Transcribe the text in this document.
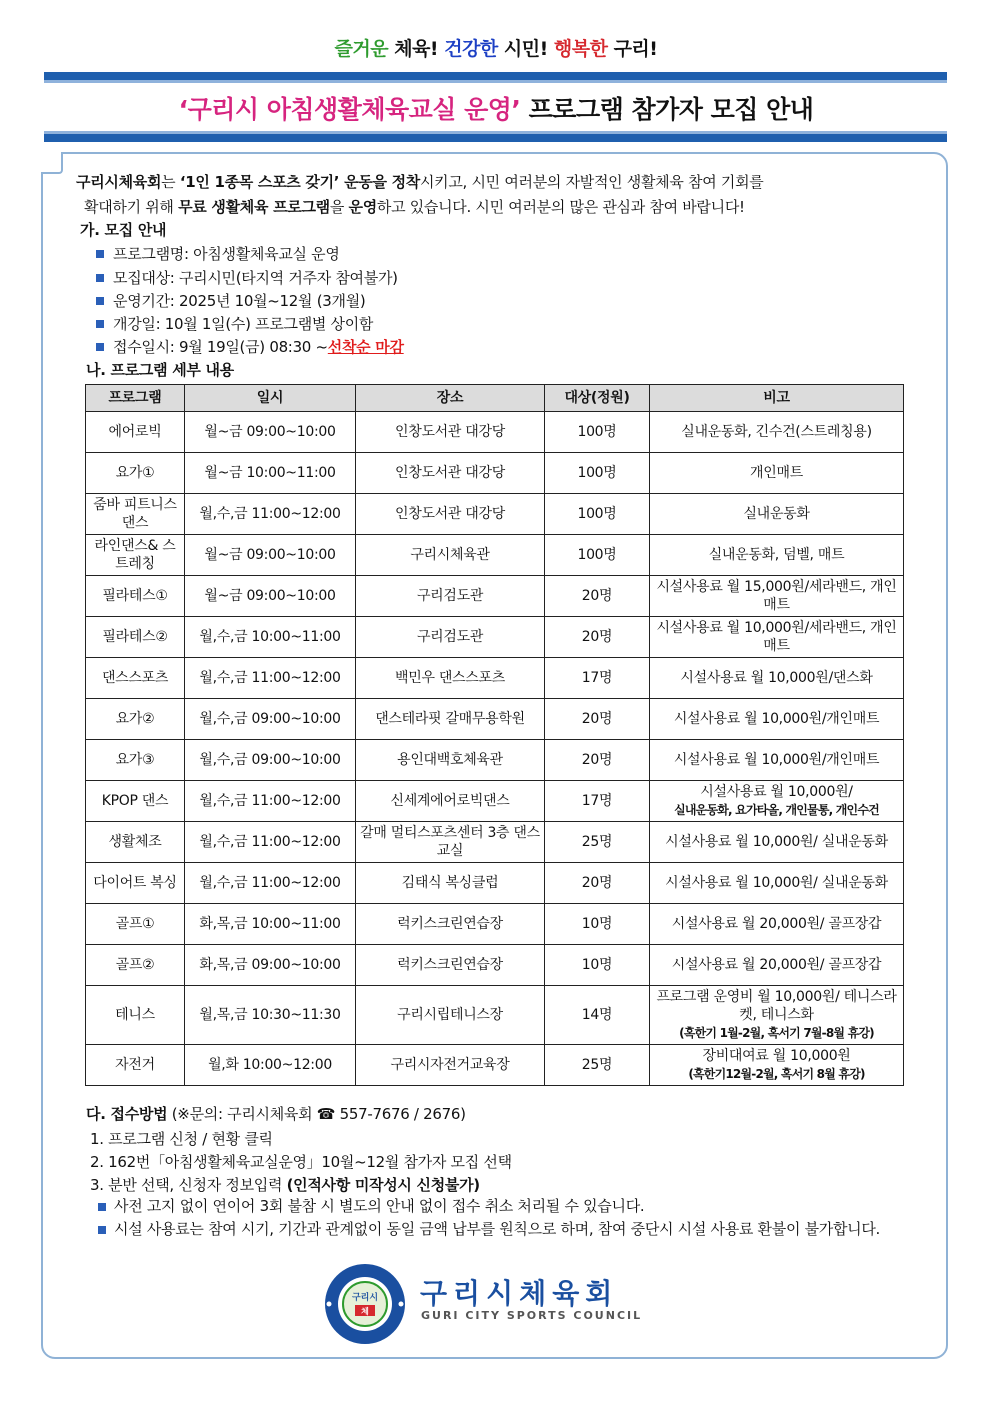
즐거운 체육! 건강한 시민! 행복한 구리!
‘구리시 아침생활체육교실 운영’ 프로그램 참가자 모집 안내
구리시체육회는 ‘1인 1종목 스포츠 갖기’ 운동을 정착시키고, 시민 여러분의 자발적인 생활체육 참여 기회를
확대하기 위해 무료 생활체육 프로그램을 운영하고 있습니다. 시민 여러분의 많은 관심과 참여 바랍니다!
가. 모집 안내
프로그램명: 아침생활체육교실 운영
모집대상: 구리시민(타지역 거주자 참여불가)
운영기간: 2025년 10월~12월 (3개월)
개강일: 10월 1일(수) 프로그램별 상이함
접수일시: 9월 19일(금) 08:30 ~ 선착순 마감
나. 프로그램 세부 내용
프로그램	일시	장소	대상(정원)	비고

에어로빅	월~금 09:00~10:00	인창도서관 대강당	100명	실내운동화, 긴수건(스트레칭용)

요가①	월~금 10:00~11:00	인창도서관 대강당	100명	개인매트

줌바 피트니스댄스	월,수,금 11:00~12:00	인창도서관 대강당	100명	실내운동화

라인댄스& 스트레칭	월~금 09:00~10:00	구리시체육관	100명	실내운동화, 덤벨, 매트

필라테스①	월~금 09:00~10:00	구리검도관	20명	시설사용료 월 15,000원/세라밴드, 개인매트

필라테스②	월,수,금 10:00~11:00	구리검도관	20명	시설사용료 월 10,000원/세라밴드, 개인매트

댄스스포츠	월,수,금 11:00~12:00	백민우 댄스스포츠	17명	시설사용료 월 10,000원/댄스화

요가②	월,수,금 09:00~10:00	댄스테라핏 갈매무용학원	20명	시설사용료 월 10,000원/개인매트

요가③	월,수,금 09:00~10:00	용인대백호체육관	20명	시설사용료 월 10,000원/개인매트

KPOP 댄스	월,수,금 11:00~12:00	신세계에어로빅댄스	17명	시설사용료 월 10,000원/
실내운동화, 요가타올, 개인물통, 개인수건

생활체조	월,수,금 11:00~12:00	갈매 멀티스포츠센터 3층 댄스교실	25명	시설사용료 월 10,000원/ 실내운동화

다이어트 복싱	월,수,금 11:00~12:00	김태식 복싱클럽	20명	시설사용료 월 10,000원/ 실내운동화

골프①	화,목,금 10:00~11:00	럭키스크린연습장	10명	시설사용료 월 20,000원/ 골프장갑

골프②	화,목,금 09:00~10:00	럭키스크린연습장	10명	시설사용료 월 20,000원/ 골프장갑

테니스	월,목,금 10:30~11:30	구리시립테니스장	14명	프로그램 운영비 월 10,000원/ 테니스라켓, 테니스화
(혹한기 1월-2월, 혹서기 7월-8월 휴강)

자전거	월,화 10:00~12:00	구리시자전거교육장	25명	장비대여료 월 10,000원
(혹한기12월-2월, 혹서기 8월 휴강)
다. 접수방법 (※문의: 구리시체육회 ☎ 557-7676 / 2676)
1. 프로그램 신청 / 현황 클릭
2. 162번「아침생활체육교실운영」10월~12월 참가자 모집 선택
3. 분반 선택, 신청자 정보입력 (인적사항 미작성시 신청불가)
사전 고지 없이 연이어 3회 불참 시 별도의 안내 없이 접수 취소 처리될 수 있습니다.
시설 사용료는 참여 시기, 기간과 관계없이 동일 금액 납부를 원칙으로 하며, 참여 중단시 시설 사용료 환불이 불가합니다.
구리시
체
구리시체육회
GURI CITY SPORTS COUNCIL
